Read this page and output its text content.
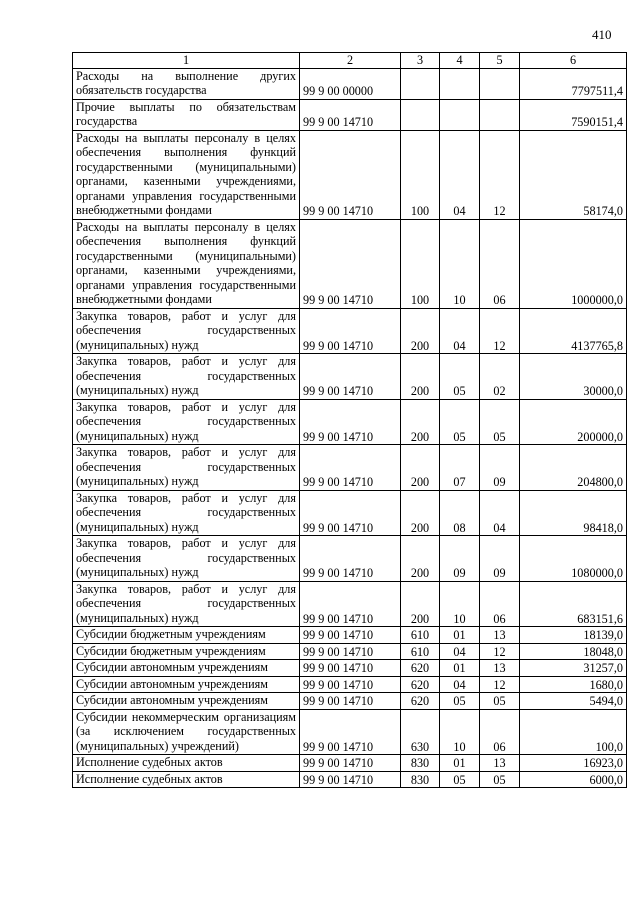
410
1	2	3	4	5	6
Расходы на выполнение других обязательств государства	99 9 00 00000				7797511,4
Прочие выплаты по обязательствам государства	99 9 00 14710				7590151,4
Расходы на выплаты персоналу в целях обеспечения выполнения функций государственными (муниципальными) органами, казенными учреждениями, органами управления государственными внебюджетными фондами	99 9 00 14710	100	04	12	58174,0
Расходы на выплаты персоналу в целях обеспечения выполнения функций государственными (муниципальными) органами, казенными учреждениями, органами управления государственными внебюджетными фондами	99 9 00 14710	100	10	06	1000000,0
Закупка товаров, работ и услуг для обеспечения государственных (муниципальных) нужд	99 9 00 14710	200	04	12	4137765,8
Закупка товаров, работ и услуг для обеспечения государственных (муниципальных) нужд	99 9 00 14710	200	05	02	30000,0
Закупка товаров, работ и услуг для обеспечения государственных (муниципальных) нужд	99 9 00 14710	200	05	05	200000,0
Закупка товаров, работ и услуг для обеспечения государственных (муниципальных) нужд	99 9 00 14710	200	07	09	204800,0
Закупка товаров, работ и услуг для обеспечения государственных (муниципальных) нужд	99 9 00 14710	200	08	04	98418,0
Закупка товаров, работ и услуг для обеспечения государственных (муниципальных) нужд	99 9 00 14710	200	09	09	1080000,0
Закупка товаров, работ и услуг для обеспечения государственных (муниципальных) нужд	99 9 00 14710	200	10	06	683151,6
Субсидии бюджетным учреждениям	99 9 00 14710	610	01	13	18139,0
Субсидии бюджетным учреждениям	99 9 00 14710	610	04	12	18048,0
Субсидии автономным учреждениям	99 9 00 14710	620	01	13	31257,0
Субсидии автономным учреждениям	99 9 00 14710	620	04	12	1680,0
Субсидии автономным учреждениям	99 9 00 14710	620	05	05	5494,0
Субсидии некоммерческим организациям (за исключением государственных (муниципальных) учреждений)	99 9 00 14710	630	10	06	100,0
Исполнение судебных актов	99 9 00 14710	830	01	13	16923,0
Исполнение судебных актов	99 9 00 14710	830	05	05	6000,0
